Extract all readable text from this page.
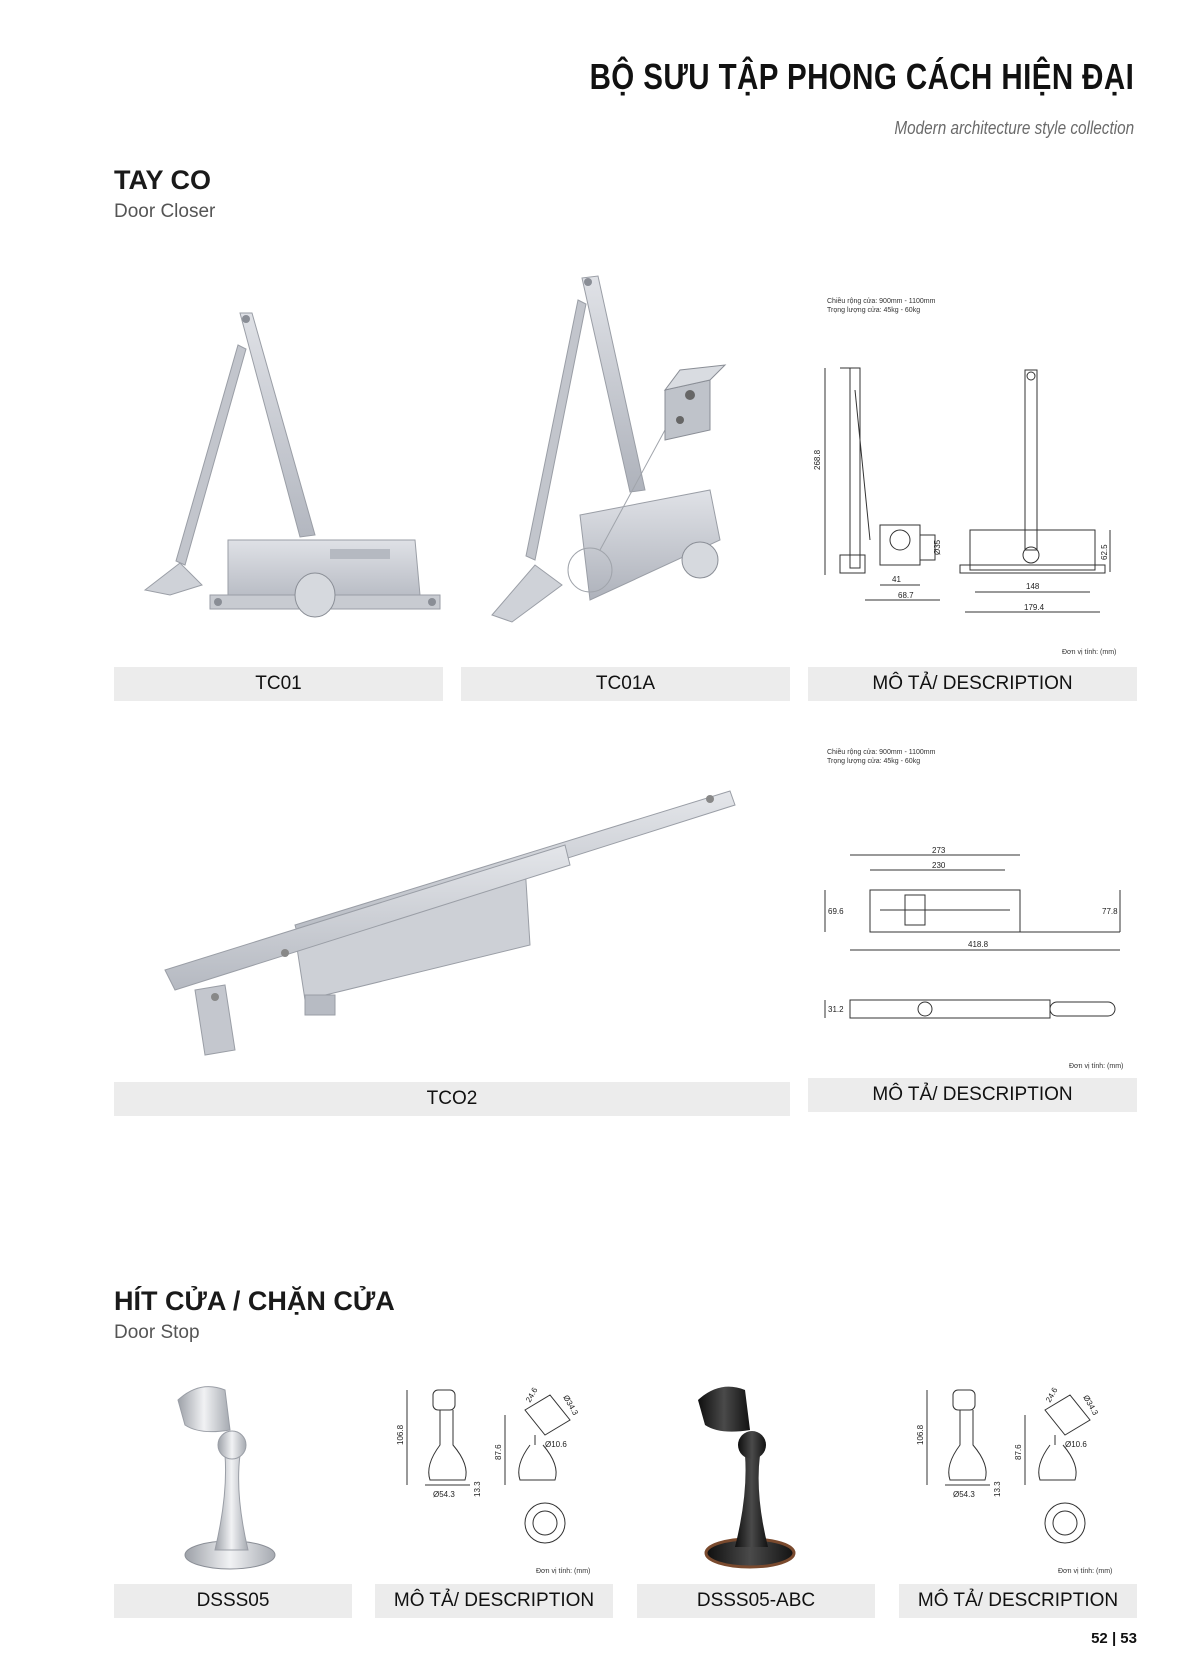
BỘ SƯU TẬP PHONG CÁCH HIỆN ĐẠI
Modern architecture style collection
TAY CO
Door Closer
Chiều rộng cửa: 900mm - 1100mm
Trọng lượng cửa: 45kg - 60kg
268.8
41
68.7
Ø35
148
179.4
62.5
Đơn vị tính: (mm)
TC01	TC01A	MÔ TẢ/ DESCRIPTION
Chiều rộng cửa: 900mm - 1100mm
Trọng lượng cửa: 45kg - 60kg
273
230
69.6	77.8
418.8
31.2
Đơn vị tính: (mm)
TCO2	MÔ TẢ/ DESCRIPTION
HÍT CỬA / CHẶN CỬA
Door Stop
106.8
87.6
Ø54.3 13.3
Ø10.6
24.6	Ø34.3
Đơn vị tính: (mm)
106.8
87.6
Ø54.3 13.3
Ø10.6
24.6	Ø34.3
Đơn vị tính: (mm)
DSSS05	MÔ TẢ/ DESCRIPTION	DSSS05-ABC	MÔ TẢ/ DESCRIPTION
52 | 53
